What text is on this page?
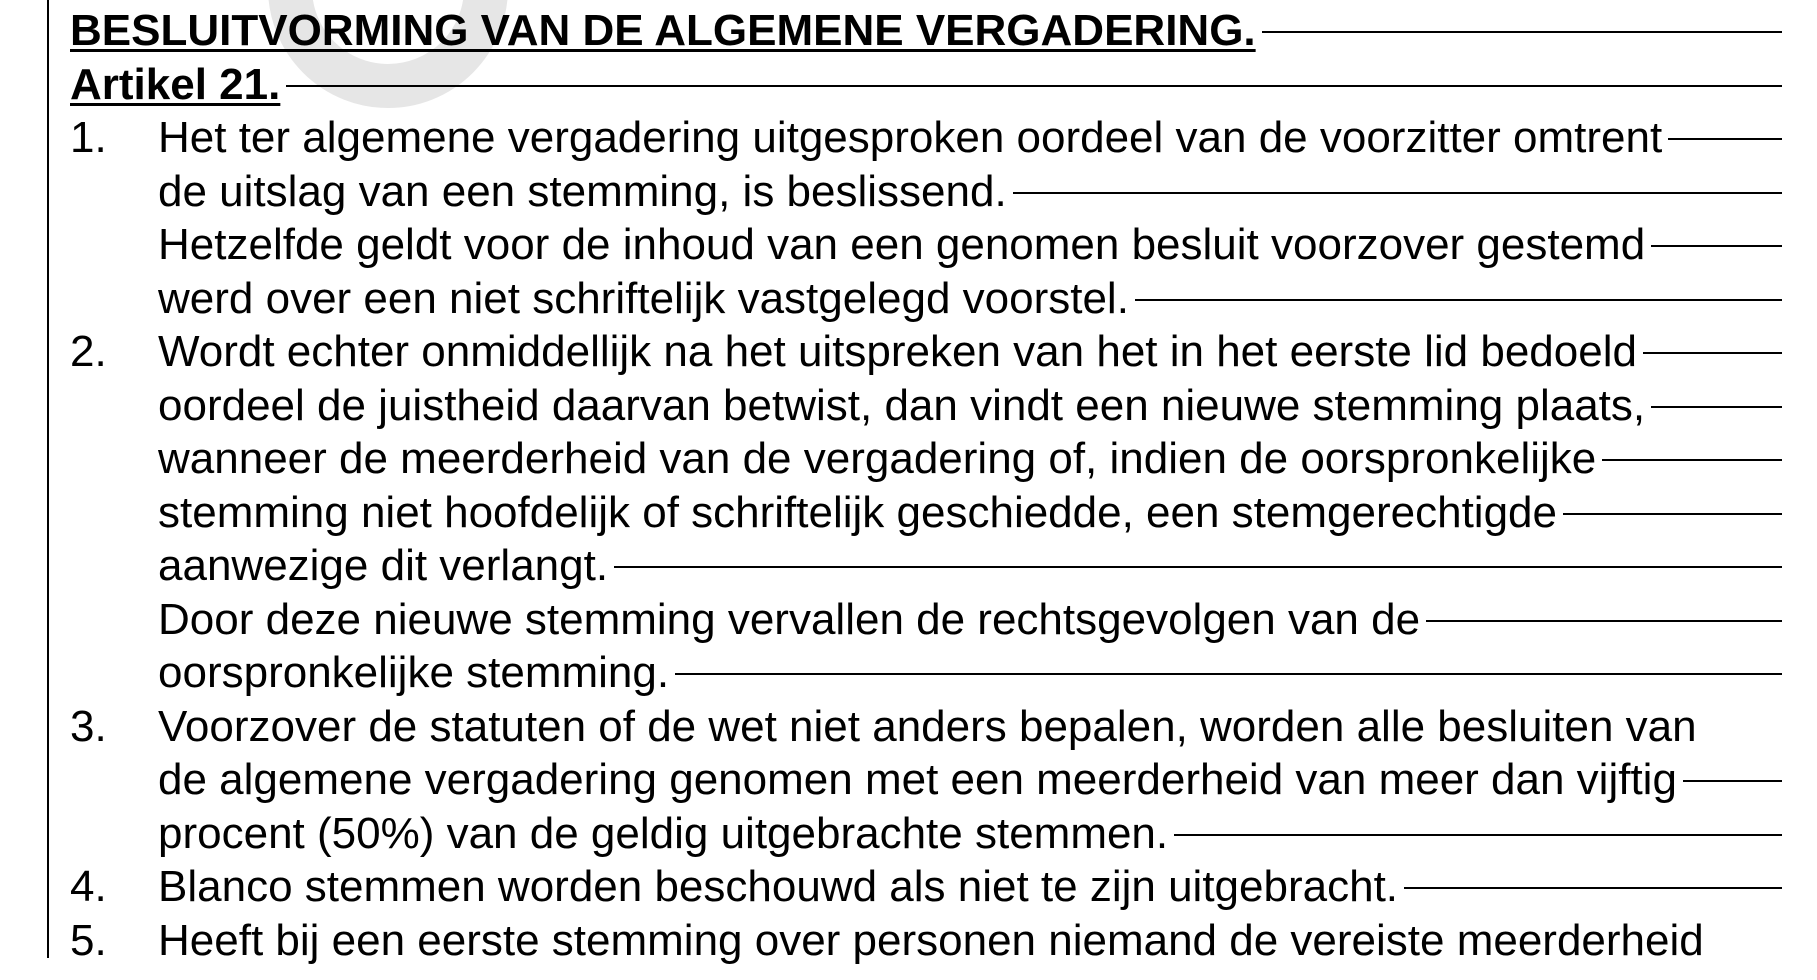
BESLUITVORMING VAN DE ALGEMENE VERGADERING.
Artikel 21.
1.	Het ter algemene vergadering uitgesproken oordeel van de voorzitter omtrent
de uitslag van een stemming, is beslissend.
Hetzelfde geldt voor de inhoud van een genomen besluit voorzover gestemd
werd over een niet schriftelijk vastgelegd voorstel.
2.	Wordt echter onmiddellijk na het uitspreken van het in het eerste lid bedoeld
oordeel de juistheid daarvan betwist, dan vindt een nieuwe stemming plaats,
wanneer de meerderheid van de vergadering of, indien de oorspronkelijke
stemming niet hoofdelijk of schriftelijk geschiedde, een stemgerechtigde
aanwezige dit verlangt.
Door deze nieuwe stemming vervallen de rechtsgevolgen van de
oorspronkelijke stemming.
3.	Voorzover de statuten of de wet niet anders bepalen, worden alle besluiten van
de algemene vergadering genomen met een meerderheid van meer dan vijftig
procent (50%) van de geldig uitgebrachte stemmen.
4.	Blanco stemmen worden beschouwd als niet te zijn uitgebracht.
5.	Heeft bij een eerste stemming over personen niemand de vereiste meerderheid
